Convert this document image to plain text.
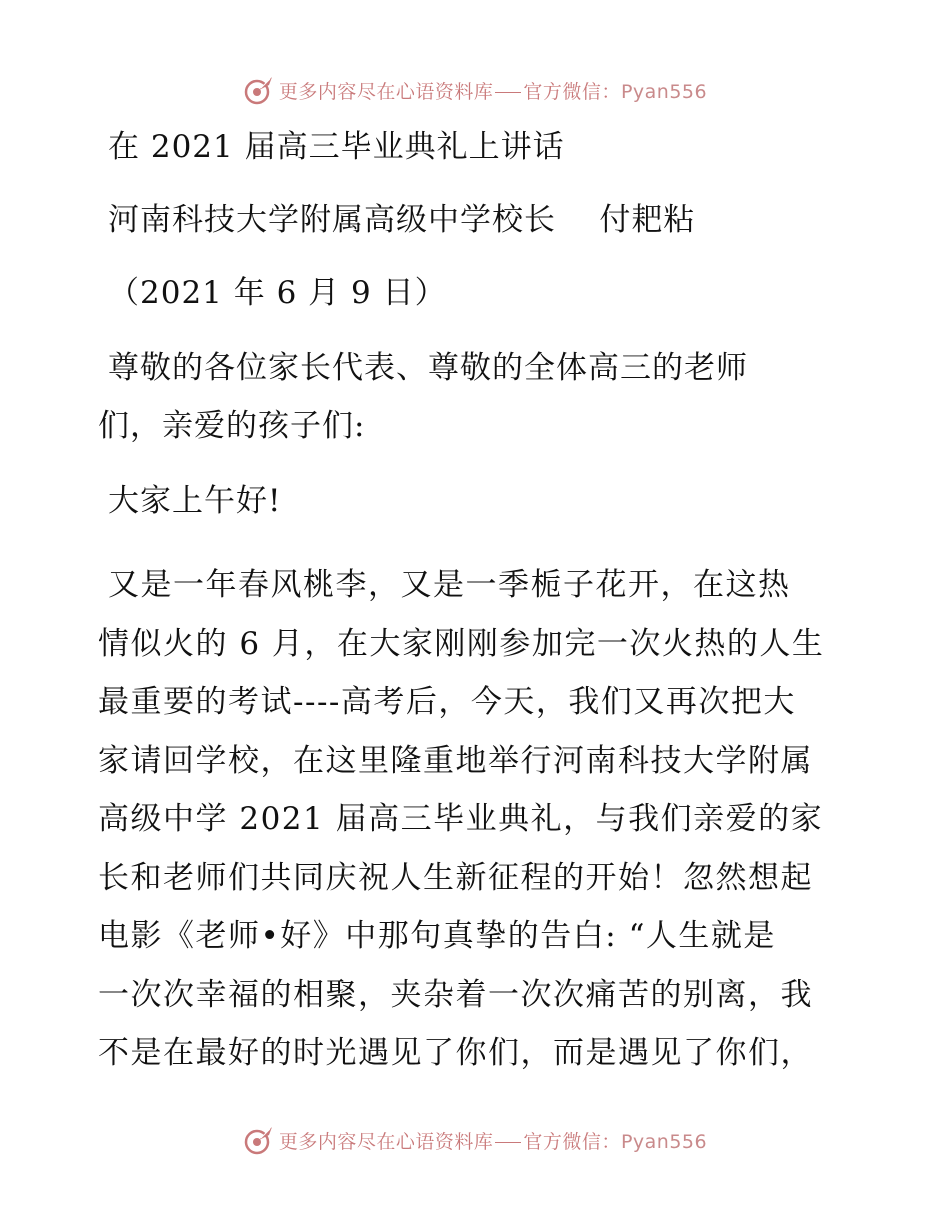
更多内容尽在心语资料库 官方微信：Pyan556
在 2021 届高三毕业典礼上讲话
河南科技大学附属高级中学校长    付耙粘
（2021 年 6 月 9 日）
尊敬的各位家长代表、尊敬的全体高三的老师
们，亲爱的孩子们:
大家上午好!

又是一年春风桃李，又是一季栀子花开，在这热

情似火的 6 月，在大家刚刚参加完一次火热的人生

最重要的考试----高考后，今天，我们又再次把大

家请回学校，在这里隆重地举行河南科技大学附属

高级中学 2021 届高三毕业典礼，与我们亲爱的家

长和老师们共同庆祝人生新征程的开始！忽然想起

电影《老师•好》中那句真挚的告白: “人生就是

一次次幸福的相聚，夹杂着一次次痛苦的别离，我

不是在最好的时光遇见了你们，而是遇见了你们，

更多内容尽在心语资料库 官方微信：Pyan556
